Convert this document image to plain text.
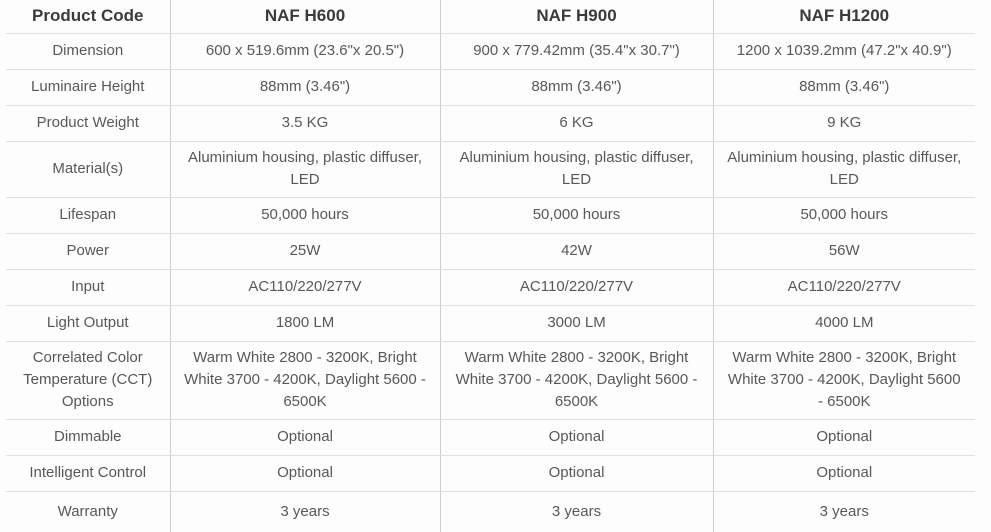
Product Code	NAF H600	NAF H900	NAF H1200
Dimension	600 x 519.6mm (23.6"x 20.5")	900 x 779.42mm (35.4"x 30.7")	1200 x 1039.2mm (47.2"x 40.9")
Luminaire Height	88mm (3.46")	88mm (3.46")	88mm (3.46")
Product Weight	3.5 KG	6 KG	9 KG
Material(s)	Aluminium housing, plastic diffuser, LED	Aluminium housing, plastic diffuser, LED	Aluminium housing, plastic diffuser, LED
Lifespan	50,000 hours	50,000 hours	50,000 hours
Power	25W	42W	56W
Input	AC110/220/277V	AC110/220/277V	AC110/220/277V
Light Output	1800 LM	3000 LM	4000 LM
Correlated Color Temperature (CCT) Options	Warm White 2800 - 3200K, Bright White 3700 - 4200K, Daylight 5600 - 6500K	Warm White 2800 - 3200K, Bright White 3700 - 4200K, Daylight 5600 - 6500K	Warm White 2800 - 3200K, Bright White 3700 - 4200K, Daylight 5600 - 6500K
Dimmable	Optional	Optional	Optional
Intelligent Control	Optional	Optional	Optional
Warranty	3 years	3 years	3 years
